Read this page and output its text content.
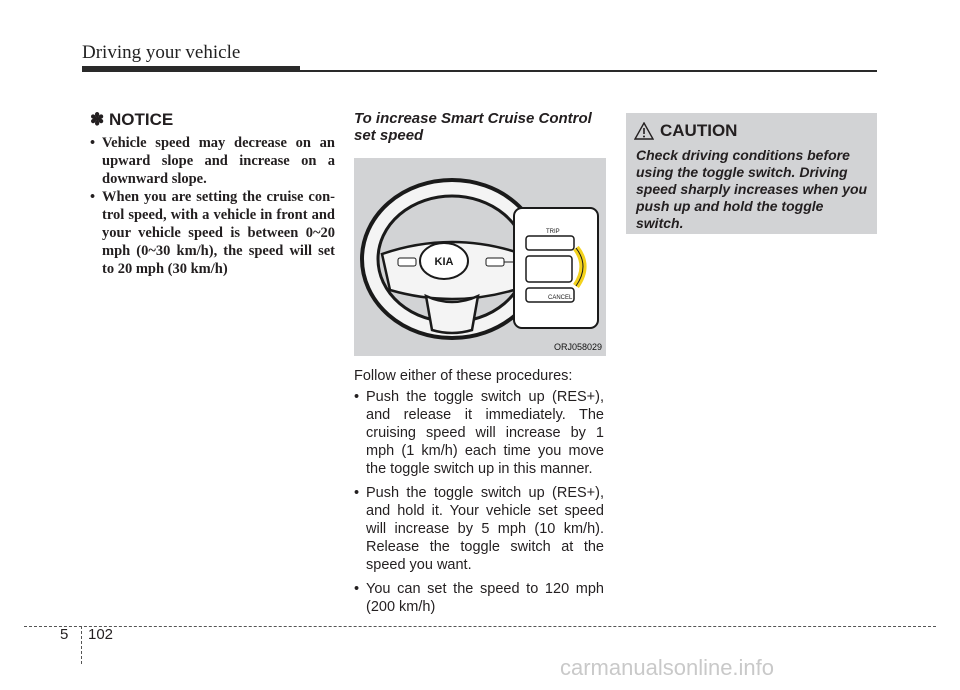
Driving your vehicle
✽ NOTICE
• Vehicle speed may decrease on an upward slope and increase on a downward slope.
• When you are setting the cruise con- trol speed, with a vehicle in front and your vehicle speed is between 0~20 mph (0~30 km/h), the speed will set to 20 mph (30 km/h)
To increase Smart Cruise Control set speed
KIA
TRIP
CANCEL
ORJ058029
Follow either of these procedures:
• Push the toggle switch up (RES+), and release it immediately. The cruising speed will increase by 1 mph (1 km/h) each time you move the toggle switch up in this manner.
• Push the toggle switch up (RES+), and hold it. Your vehicle set speed will increase by 5 mph (10 km/h). Release the toggle switch at the speed you want.
• You can set the speed to 120 mph (200 km/h)
CAUTION
Check driving conditions before using the toggle switch. Driving speed sharply increases when you push up and hold the toggle switch.
5 102
carmanualsonline.info
